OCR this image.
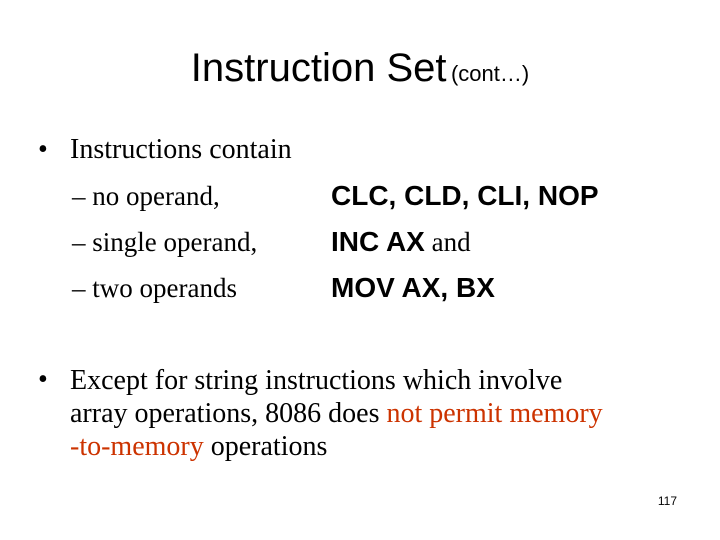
Instruction Set (cont…)
• Instructions contain
– no operand,	CLC, CLD, CLI, NOP
– single operand,	INC AX and
– two operands	MOV AX, BX
• Except for string instructions which involve
array operations, 8086 does not permit memory
-to-memory operations
117
